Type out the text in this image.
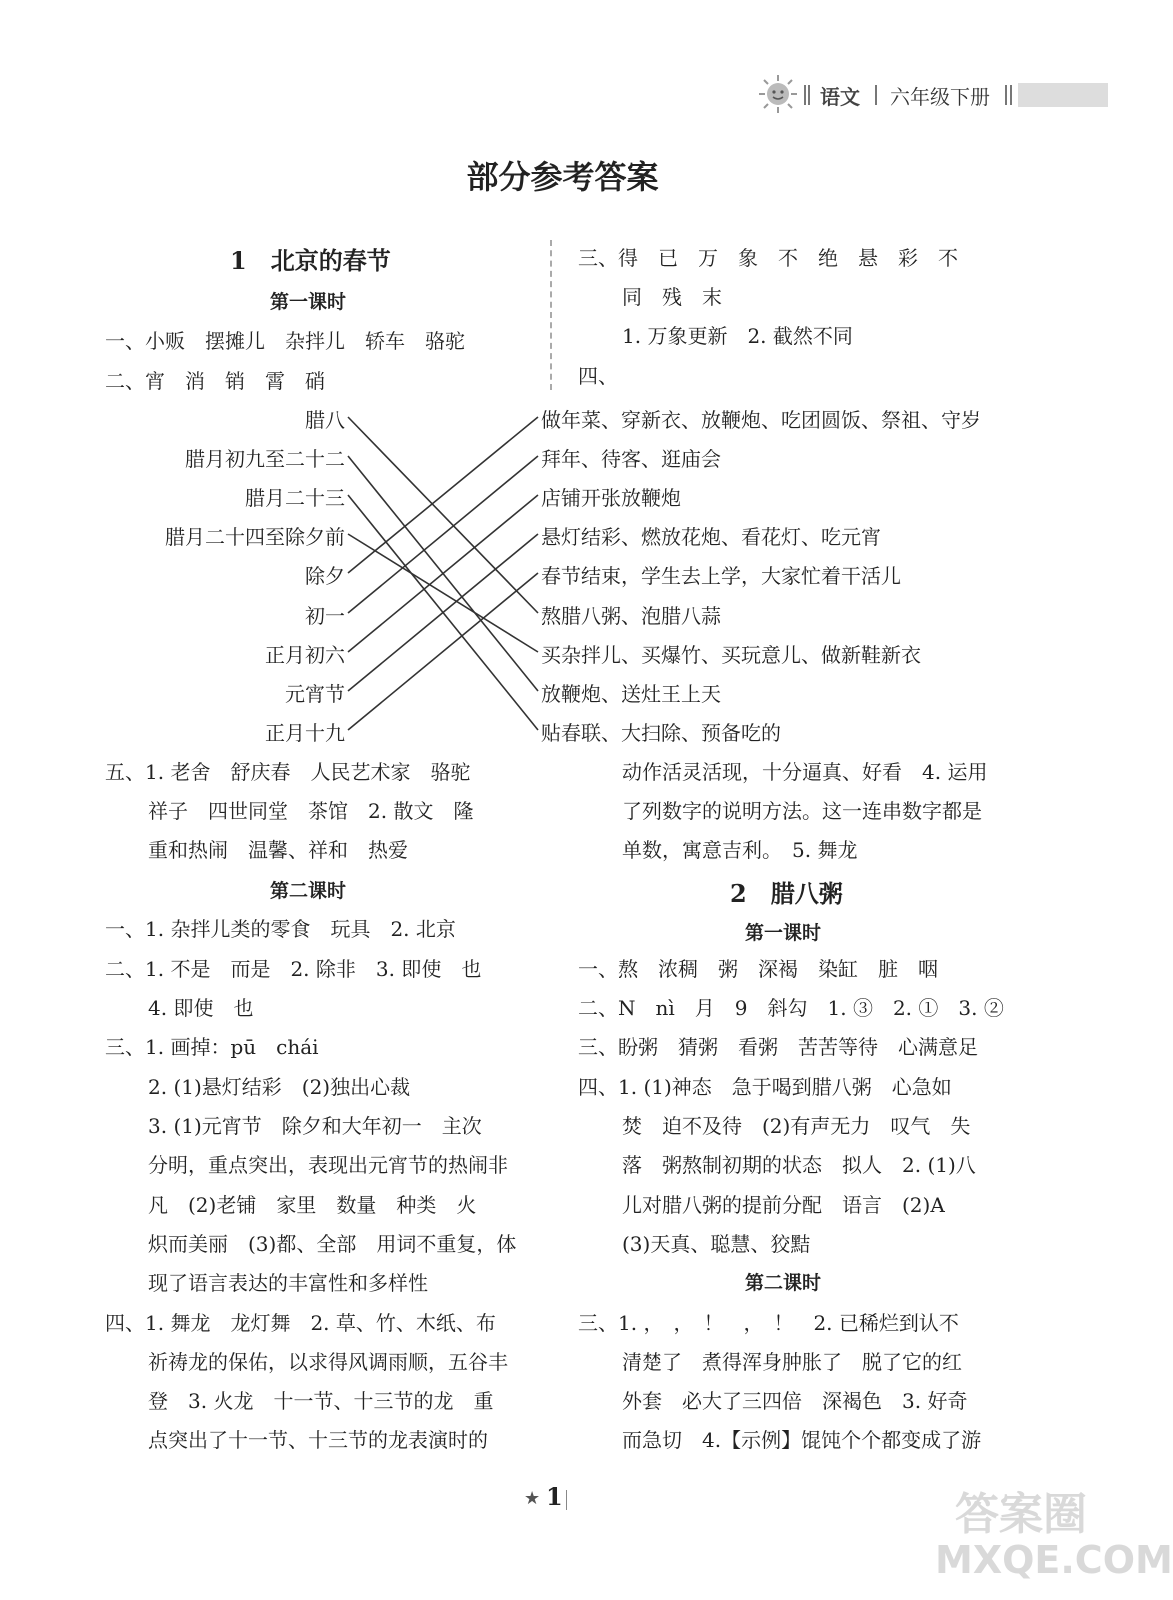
语文 六年级下册
部分参考答案
1　北京的春节
第一课时
一、小贩　摆摊儿　杂拌儿　轿车　骆驼
二、宵　消　销　霄　硝
腊八
腊月初九至二十二
腊月二十三
腊月二十四至除夕前
除夕
初一
正月初六
元宵节
正月十九
做年菜、穿新衣、放鞭炮、吃团圆饭、祭祖、守岁
拜年、待客、逛庙会
店铺开张放鞭炮
悬灯结彩、燃放花炮、看花灯、吃元宵
春节结束，学生去上学，大家忙着干活儿
熬腊八粥、泡腊八蒜
买杂拌儿、买爆竹、买玩意儿、做新鞋新衣
放鞭炮、送灶王上天
贴春联、大扫除、预备吃的
五、1. 老舍　舒庆春　人民艺术家　骆驼
祥子　四世同堂　茶馆　2. 散文　隆
重和热闹　温馨、祥和　热爱
第二课时
一、1. 杂拌儿类的零食　玩具　2. 北京
二、1. 不是　而是　2. 除非　3. 即使　也
4. 即使　也
三、1. 画掉：pū　chái
2. (1)悬灯结彩　(2)独出心裁
3. (1)元宵节　除夕和大年初一　主次
分明，重点突出，表现出元宵节的热闹非
凡　(2)老铺　家里　数量　种类　火
炽而美丽　(3)都、全部　用词不重复，体
现了语言表达的丰富性和多样性
四、1. 舞龙　龙灯舞　2. 草、竹、木纸、布
祈祷龙的保佑，以求得风调雨顺，五谷丰
登　3. 火龙　十一节、十三节的龙　重
点突出了十一节、十三节的龙表演时的
三、得　已　万　象　不　绝　悬　彩　不
同　残　末
1. 万象更新　2. 截然不同
四、
动作活灵活现，十分逼真、好看　4. 运用
了列数字的说明方法。这一连串数字都是
单数，寓意吉利。　5. 舞龙
2　腊八粥
第一课时
一、熬　浓稠　粥　深褐　染缸　脏　咽
二、N　nì　月　9　斜勾　1. ③　2. ①　3. ②
三、盼粥　猜粥　看粥　苦苦等待　心满意足
四、1. (1)神态　急于喝到腊八粥　心急如
焚　迫不及待　(2)有声无力　叹气　失
落　粥熬制初期的状态　拟人　2. (1)八
儿对腊八粥的提前分配　语言　(2)A
(3)天真、聪慧、狡黠
第二课时
三、1. ，　，　！　，　！　2. 已稀烂到认不
清楚了　煮得浑身肿胀了　脱了它的红
外套　必大了三四倍　深褐色　3. 好奇
而急切　4.【示例】馄饨个个都变成了游
★ 1	答案圈
MXQE.COM
